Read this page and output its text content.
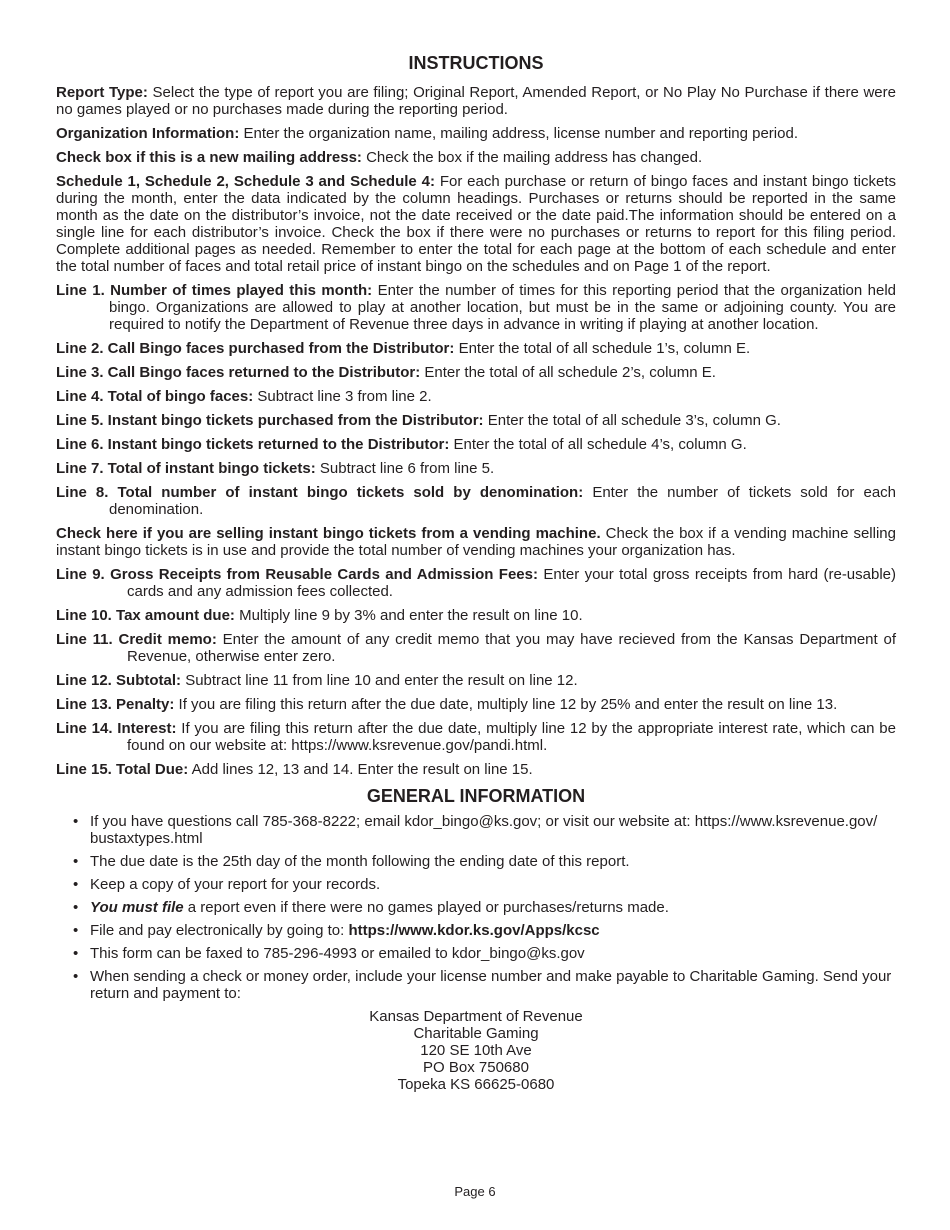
INSTRUCTIONS

Report Type: Select the type of report you are filing; Original Report, Amended Report, or No Play No Purchase if there were no games played or no purchases made during the reporting period.

Organization Information: Enter the organization name, mailing address, license number and reporting period.

Check box if this is a new mailing address: Check the box if the mailing address has changed.

Schedule 1, Schedule 2, Schedule 3 and Schedule 4: For each purchase or return of bingo faces and instant bingo tickets during the month, enter the data indicated by the column headings. Purchases or returns should be reported in the same month as the date on the distributor’s invoice, not the date received or the date paid.The information should be entered on a single line for each distributor’s invoice. Check the box if there were no purchases or returns to report for this filing period. Complete additional pages as needed. Remember to enter the total for each page at the bottom of each schedule and enter the total number of faces and total retail price of instant bingo on the schedules and on Page 1 of the report.

Line 1. Number of times played this month: Enter the number of times for this reporting period that the organization held bingo. Organizations are allowed to play at another location, but must be in the same or adjoining county. You are required to notify the Department of Revenue three days in advance in writing if playing at another location.

Line 2. Call Bingo faces purchased from the Distributor: Enter the total of all schedule 1’s, column E.

Line 3. Call Bingo faces returned to the Distributor: Enter the total of all schedule 2’s, column E.

Line 4. Total of bingo faces: Subtract line 3 from line 2.

Line 5. Instant bingo tickets purchased from the Distributor: Enter the total of all schedule 3’s, column G.

Line 6. Instant bingo tickets returned to the Distributor: Enter the total of all schedule 4’s, column G.

Line 7. Total of instant bingo tickets: Subtract line 6 from line 5.

Line 8. Total number of instant bingo tickets sold by denomination: Enter the number of tickets sold for each denomination.

Check here if you are selling instant bingo tickets from a vending machine. Check the box if a vending machine selling instant bingo tickets is in use and provide the total number of vending machines your organization has.

Line 9. Gross Receipts from Reusable Cards and Admission Fees: Enter your total gross receipts from hard (re-usable) cards and any admission fees collected.

Line 10. Tax amount due: Multiply line 9 by 3% and enter the result on line 10.

Line 11. Credit memo: Enter the amount of any credit memo that you may have recieved from the Kansas Department of Revenue, otherwise enter zero.

Line 12. Subtotal: Subtract line 11 from line 10 and enter the result on line 12.

Line 13. Penalty: If you are filing this return after the due date, multiply line 12 by 25% and enter the result on line 13.

Line 14. Interest: If you are filing this return after the due date, multiply line 12 by the appropriate interest rate, which can be found on our website at: https://www.ksrevenue.gov/pandi.html.

Line 15. Total Due: Add lines 12, 13 and 14. Enter the result on line 15.

GENERAL INFORMATION
• If you have questions call 785-368-8222; email kdor_bingo@ks.gov; or visit our website at: https://www.ksrevenue.gov/ bustaxtypes.html
• The due date is the 25th day of the month following the ending date of this report.
• Keep a copy of your report for your records.
• You must file a report even if there were no games played or purchases/returns made.
• File and pay electronically by going to: https://www.kdor.ks.gov/Apps/kcsc
• This form can be faxed to 785-296-4993 or emailed to kdor_bingo@ks.gov
• When sending a check or money order, include your license number and make payable to Charitable Gaming. Send your return and payment to:
Kansas Department of Revenue
Charitable Gaming
120 SE 10th Ave
PO Box 750680
Topeka KS 66625-0680
Page 6
